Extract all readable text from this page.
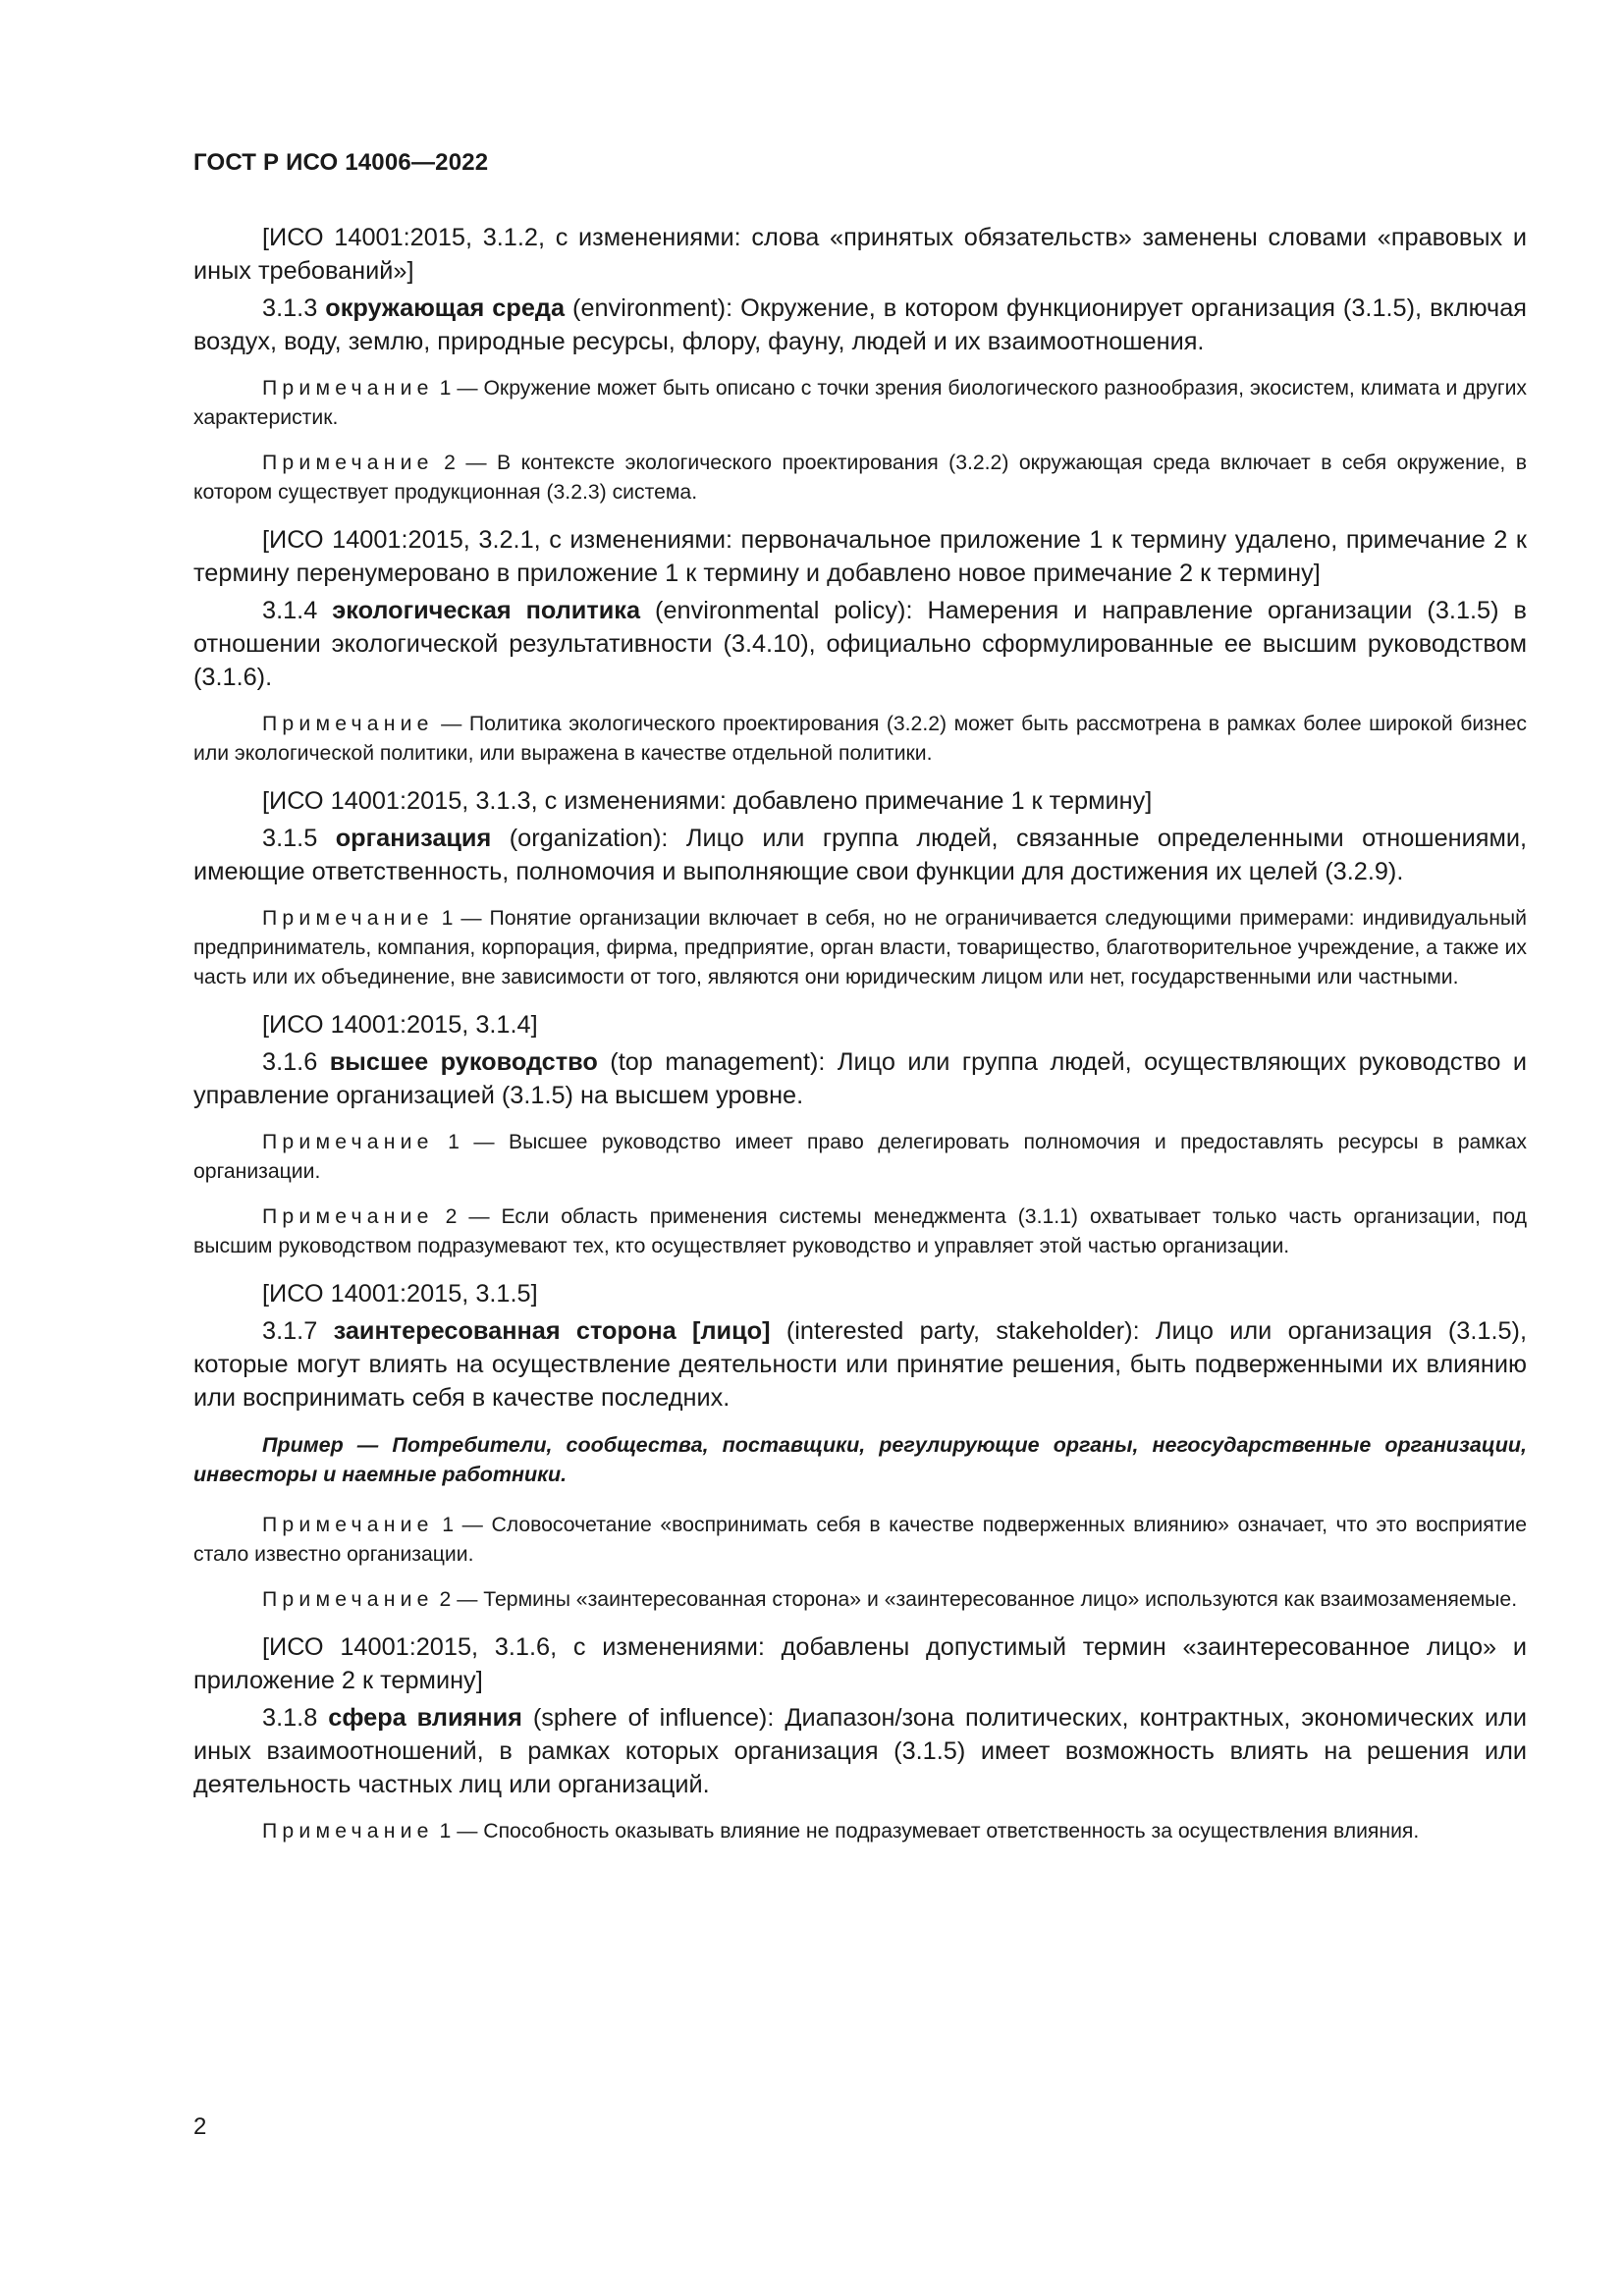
ГОСТ Р ИСО 14006—2022

[ИСО 14001:2015, 3.1.2, с изменениями: слова «принятых обязательств» заменены словами «правовых и иных требований»]

3.1.3 окружающая среда (environment): Окружение, в котором функционирует организация (3.1.5), включая воздух, воду, землю, природные ресурсы, флору, фауну, людей и их взаимоотношения.

Примечание 1 — Окружение может быть описано с точки зрения биологического разнообразия, экосистем, климата и других характеристик.

Примечание 2 — В контексте экологического проектирования (3.2.2) окружающая среда включает в себя окружение, в котором существует продукционная (3.2.3) система.

[ИСО 14001:2015, 3.2.1, с изменениями: первоначальное приложение 1 к термину удалено, примечание 2 к термину перенумеровано в приложение 1 к термину и добавлено новое примечание 2 к термину]

3.1.4 экологическая политика (environmental policy): Намерения и направление организации (3.1.5) в отношении экологической результативности (3.4.10), официально сформулированные ее высшим руководством (3.1.6).

Примечание — Политика экологического проектирования (3.2.2) может быть рассмотрена в рамках более широкой бизнес или экологической политики, или выражена в качестве отдельной политики.

[ИСО 14001:2015, 3.1.3, с изменениями: добавлено примечание 1 к термину]

3.1.5 организация (organization): Лицо или группа людей, связанные определенными отношениями, имеющие ответственность, полномочия и выполняющие свои функции для достижения их целей (3.2.9).

Примечание 1 — Понятие организации включает в себя, но не ограничивается следующими примерами: индивидуальный предприниматель, компания, корпорация, фирма, предприятие, орган власти, товарищество, благотворительное учреждение, а также их часть или их объединение, вне зависимости от того, являются они юридическим лицом или нет, государственными или частными.

[ИСО 14001:2015, 3.1.4]

3.1.6 высшее руководство (top management): Лицо или группа людей, осуществляющих руководство и управление организацией (3.1.5) на высшем уровне.

Примечание 1 — Высшее руководство имеет право делегировать полномочия и предоставлять ресурсы в рамках организации.

Примечание 2 — Если область применения системы менеджмента (3.1.1) охватывает только часть организации, под высшим руководством подразумевают тех, кто осуществляет руководство и управляет этой частью организации.

[ИСО 14001:2015, 3.1.5]

3.1.7 заинтересованная сторона [лицо] (interested party, stakeholder): Лицо или организация (3.1.5), которые могут влиять на осуществление деятельности или принятие решения, быть подверженными их влиянию или воспринимать себя в качестве последних.

Пример — Потребители, сообщества, поставщики, регулирующие органы, негосударственные организации, инвесторы и наемные работники.

Примечание 1 — Словосочетание «воспринимать себя в качестве подверженных влиянию» означает, что это восприятие стало известно организации.

Примечание 2 — Термины «заинтересованная сторона» и «заинтересованное лицо» используются как взаимозаменяемые.

[ИСО 14001:2015, 3.1.6, с изменениями: добавлены допустимый термин «заинтересованное лицо» и приложение 2 к термину]

3.1.8 сфера влияния (sphere of influence): Диапазон/зона политических, контрактных, экономических или иных взаимоотношений, в рамках которых организация (3.1.5) имеет возможность влиять на решения или деятельность частных лиц или организаций.

Примечание 1 — Способность оказывать влияние не подразумевает ответственность за осуществления влияния.

2
